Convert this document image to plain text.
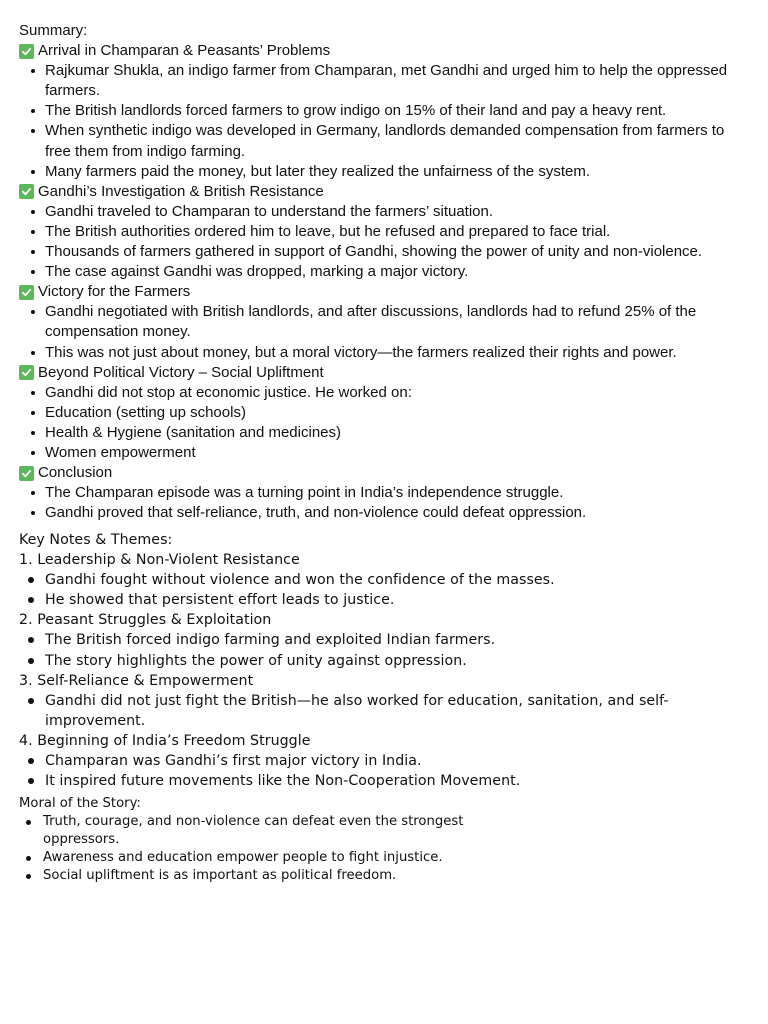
Summary:

Arrival in Champaran & Peasants’ Problems
Rajkumar Shukla, an indigo farmer from Champaran, met Gandhi and urged him to help the oppressed farmers.
The British landlords forced farmers to grow indigo on 15% of their land and pay a heavy rent.
When synthetic indigo was developed in Germany, landlords demanded compensation from farmers to free them from indigo farming.
Many farmers paid the money, but later they realized the unfairness of the system.
Gandhi’s Investigation & British Resistance
Gandhi traveled to Champaran to understand the farmers’ situation.
The British authorities ordered him to leave, but he refused and prepared to face trial.
Thousands of farmers gathered in support of Gandhi, showing the power of unity and non-violence.
The case against Gandhi was dropped, marking a major victory.
Victory for the Farmers
Gandhi negotiated with British landlords, and after discussions, landlords had to refund 25% of the compensation money.
This was not just about money, but a moral victory—the farmers realized their rights and power.
Beyond Political Victory – Social Upliftment
Gandhi did not stop at economic justice. He worked on:
Education (setting up schools)
Health & Hygiene (sanitation and medicines)
Women empowerment
Conclusion
The Champaran episode was a turning point in India’s independence struggle.
Gandhi proved that self-reliance, truth, and non-violence could defeat oppression.

Key Notes & Themes:

1. Leadership & Non-Violent Resistance

Gandhi fought without violence and won the confidence of the masses.
He showed that persistent effort leads to justice.

2. Peasant Struggles & Exploitation

The British forced indigo farming and exploited Indian farmers.
The story highlights the power of unity against oppression.

3. Self-Reliance & Empowerment

Gandhi did not just fight the British—he also worked for education, sanitation, and self-improvement.

4. Beginning of India’s Freedom Struggle

Champaran was Gandhi’s first major victory in India.
It inspired future movements like the Non-Cooperation Movement.

Moral of the Story:

Truth, courage, and non-violence can defeat even the strongest oppressors.
Awareness and education empower people to fight injustice.
Social upliftment is as important as political freedom.
